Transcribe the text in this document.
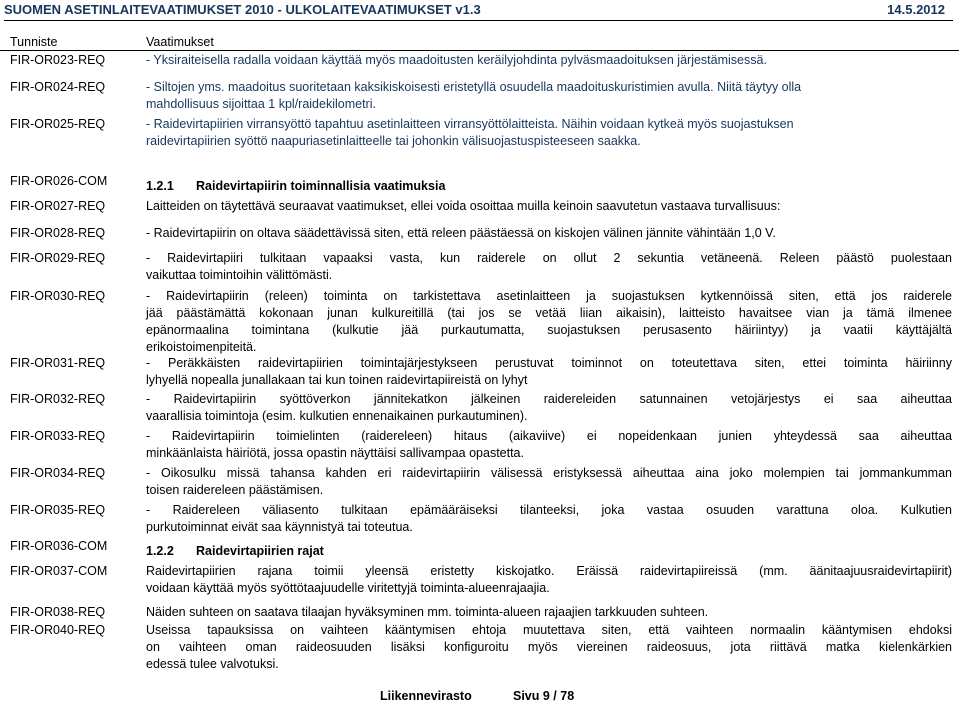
SUOMEN ASETINLAITEVAATIMUKSET 2010 - ULKOLAITEVAATIMUKSET v1.3	14.5.2012
Tunniste	Vaatimukset
FIR-OR023-REQ	- Yksiraiteisella radalla voidaan käyttää myös maadoitusten keräilyjohdinta pylväsmaadoituksen järjestämisessä.
FIR-OR024-REQ	- Siltojen yms. maadoitus suoritetaan kaksikiskoisesti eristetyllä osuudella maadoituskuristimien avulla. Niitä täytyy olla
mahdollisuus sijoittaa 1 kpl/raidekilometri.
FIR-OR025-REQ	- Raidevirtapiirien virransyöttö tapahtuu asetinlaitteen virransyöttölaitteista. Näihin voidaan kytkeä myös suojastuksen
raidevirtapiirien syöttö naapuriasetinlaitteelle tai johonkin välisuojastuspisteeseen saakka.
FIR-OR026-COM	1.2.1 Raidevirtapiirin toiminnallisia vaatimuksia
FIR-OR027-REQ	Laitteiden on täytettävä seuraavat vaatimukset, ellei voida osoittaa muilla keinoin saavutetun vastaava turvallisuus:
FIR-OR028-REQ	- Raidevirtapiirin on oltava säädettävissä siten, että releen päästäessä on kiskojen välinen jännite vähintään 1,0 V.
FIR-OR029-REQ	- Raidevirtapiiri tulkitaan vapaaksi vasta, kun raiderele on ollut 2 sekuntia vetäneenä. Releen päästö puolestaan
vaikuttaa toimintoihin välittömästi.
FIR-OR030-REQ	- Raidevirtapiirin (releen) toiminta on tarkistettava asetinlaitteen ja suojastuksen kytkennöissä siten, että jos raiderele
jää päästämättä kokonaan junan kulkureitillä (tai jos se vetää liian aikaisin), laitteisto havaitsee vian ja tämä ilmenee
epänormaalina toimintana (kulkutie jää purkautumatta, suojastuksen perusasento häiriintyy) ja vaatii käyttäjältä
erikoistoimenpiteitä.
FIR-OR031-REQ	- Peräkkäisten raidevirtapiirien toimintajärjestykseen perustuvat toiminnot on toteutettava siten, ettei toiminta häiriinny
lyhyellä nopealla junallakaan tai kun toinen raidevirtapiireistä on lyhyt
FIR-OR032-REQ	- Raidevirtapiirin syöttöverkon jännitekatkon jälkeinen raidereleiden satunnainen vetojärjestys ei saa aiheuttaa
vaarallisia toimintoja (esim. kulkutien ennenaikainen purkautuminen).
FIR-OR033-REQ	- Raidevirtapiirin toimielinten (raidereleen) hitaus (aikaviive) ei nopeidenkaan junien yhteydessä saa aiheuttaa
minkäänlaista häiriötä, jossa opastin näyttäisi sallivampaa opastetta.
FIR-OR034-REQ	- Oikosulku missä tahansa kahden eri raidevirtapiirin välisessä eristyksessä aiheuttaa aina joko molempien tai jommankumman
toisen raidereleen päästämisen.
FIR-OR035-REQ	- Raidereleen väliasento tulkitaan epämääräiseksi tilanteeksi, joka vastaa osuuden varattuna oloa. Kulkutien
purkutoiminnat eivät saa käynnistyä tai toteutua.
FIR-OR036-COM	1.2.2 Raidevirtapiirien rajat
FIR-OR037-COM	Raidevirtapiirien rajana toimii yleensä eristetty kiskojatko. Eräissä raidevirtapiireissä (mm. äänitaajuusraidevirtapiirit)
voidaan käyttää myös syöttötaajuudelle viritettyjä toiminta-alueenrajaajia.
FIR-OR038-REQ	Näiden suhteen on saatava tilaajan hyväksyminen mm. toiminta-alueen rajaajien tarkkuuden suhteen.
FIR-OR040-REQ	Useissa tapauksissa on vaihteen kääntymisen ehtoja muutettava siten, että vaihteen normaalin kääntymisen ehdoksi
on vaihteen oman raideosuuden lisäksi konfiguroitu myös viereinen raideosuus, jota riittävä matka kielenkärkien
edessä tulee valvotuksi.
Liikennevirasto	Sivu 9 / 78
